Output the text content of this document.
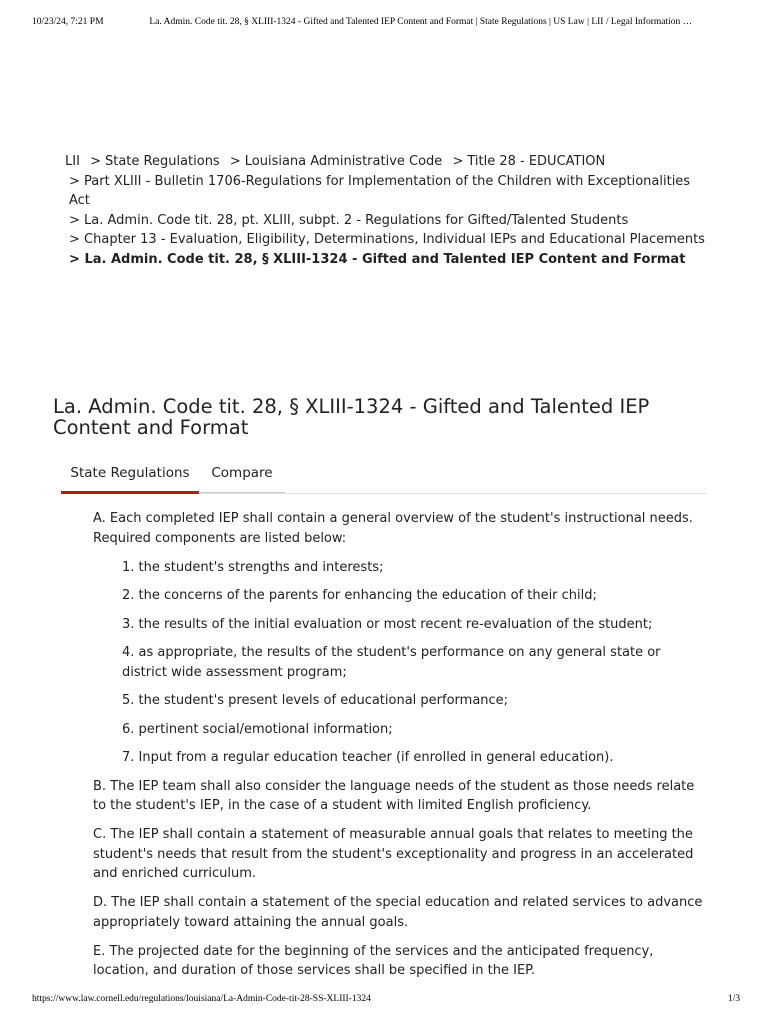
10/23/24, 7:21 PM	La. Admin. Code tit. 28, § XLIII-1324 - Gifted and Talented IEP Content and Format | State Regulations | US Law | LII / Legal Information …
LII > State Regulations > Louisiana Administrative Code > Title 28 - EDUCATION
> Part XLIII - Bulletin 1706-Regulations for Implementation of the Children with Exceptionalities Act
> La. Admin. Code tit. 28, pt. XLIII, subpt. 2 - Regulations for Gifted/Talented Students
> Chapter 13 - Evaluation, Eligibility, Determinations, Individual IEPs and Educational Placements
> La. Admin. Code tit. 28, § XLIII-1324 - Gifted and Talented IEP Content and Format
La. Admin. Code tit. 28, § XLIII-1324 - Gifted and Talented IEP Content and Format
State Regulations	Compare

A. Each completed IEP shall contain a general overview of the student's instructional needs. Required components are listed below:

1. the student's strengths and interests;
2. the concerns of the parents for enhancing the education of their child;
3. the results of the initial evaluation or most recent re-evaluation of the student;
4. as appropriate, the results of the student's performance on any general state or district wide assessment program;
5. the student's present levels of educational performance;
6. pertinent social/emotional information;
7. Input from a regular education teacher (if enrolled in general education).

B. The IEP team shall also consider the language needs of the student as those needs relate to the student's IEP, in the case of a student with limited English proficiency.

C. The IEP shall contain a statement of measurable annual goals that relates to meeting the student's needs that result from the student's exceptionality and progress in an accelerated and enriched curriculum.

D. The IEP shall contain a statement of the special education and related services to advance appropriately toward attaining the annual goals.

E. The projected date for the beginning of the services and the anticipated frequency, location, and duration of those services shall be specified in the IEP.

https://www.law.cornell.edu/regulations/louisiana/La-Admin-Code-tit-28-SS-XLIII-1324	1/3
